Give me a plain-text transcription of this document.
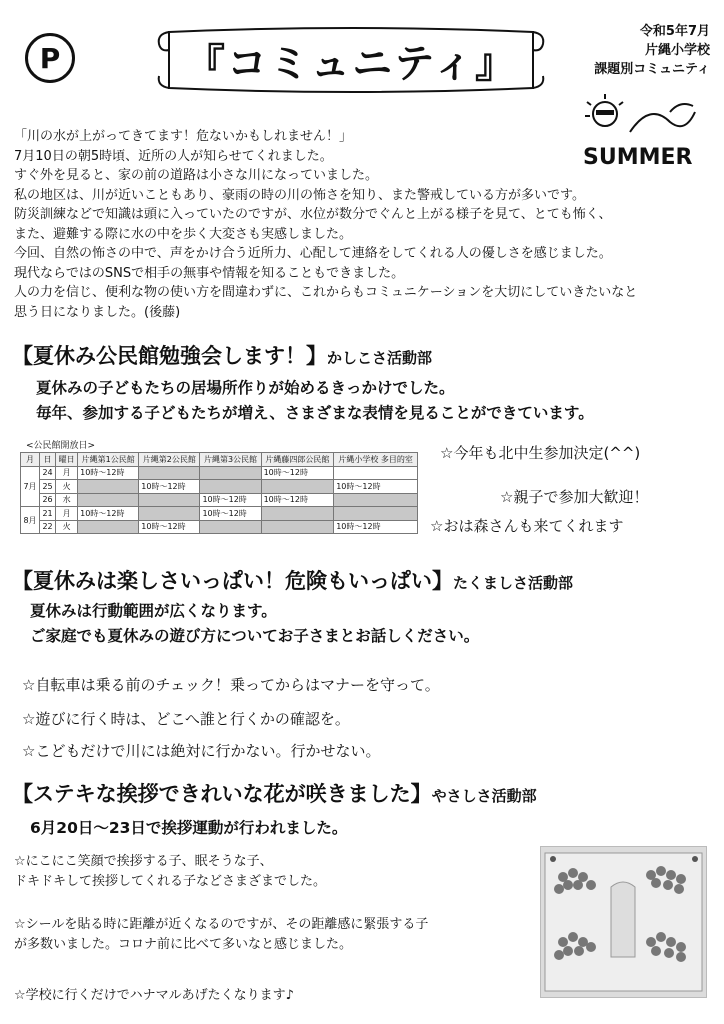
P	『コミュニティ』
令和5年7月
片縄小学校
課題別コミュニティ
SUMMER
「川の水が上がってきてます！危ないかもしれません！」
7月10日の朝5時頃、近所の人が知らせてくれました。
すぐ外を見ると、家の前の道路は小さな川になっていました。
私の地区は、川が近いこともあり、豪雨の時の川の怖さを知り、また警戒している方が多いです。
防災訓練などで知識は頭に入っていたのですが、水位が数分でぐんと上がる様子を見て、とても怖く、
また、避難する際に水の中を歩く大変さも実感しました。
今回、自然の怖さの中で、声をかけ合う近所力、心配して連絡をしてくれる人の優しさを感じました。
現代ならではのSNSで相手の無事や情報を知ることもできました。
人の力を信じ、便利な物の使い方を間違わずに、これからもコミュニケーションを大切にしていきたいなと
思う日になりました。(後藤)
【夏休み公民館勉強会します！】かしこさ活動部
夏休みの子どもたちの居場所作りが始めるきっかけでした。
毎年、参加する子どもたちが増え、さまざまな表情を見ることができています。
<公民館開放日>
月	日	曜日	片縄第1公民館	片縄第2公民館	片縄第3公民館	片縄藤四郎公民館	片縄小学校 多目的室
7月	24	月	10時～12時			10時～12時	
	25	火		10時～12時			10時～12時
	26	水			10時～12時	10時～12時	
8月	21	月	10時～12時		10時～12時		
	22	火		10時～12時			10時～12時
☆今年も北中生参加決定(^^)
☆親子で参加大歓迎！
☆おは森さんも来てくれます
【夏休みは楽しさいっぱい！危険もいっぱい】たくましさ活動部
夏休みは行動範囲が広くなります。
ご家庭でも夏休みの遊び方についてお子さまとお話しください。
☆自転車は乗る前のチェック！乗ってからはマナーを守って。
☆遊びに行く時は、どこへ誰と行くかの確認を。
☆こどもだけで川には絶対に行かない。行かせない。
【ステキな挨拶できれいな花が咲きました】やさしさ活動部
6月20日～23日で挨拶運動が行われました。
☆にこにこ笑顔で挨拶する子、眠そうな子、
ドキドキして挨拶してくれる子などさまざまでした。
☆シールを貼る時に距離が近くなるのですが、その距離感に緊張する子
が多数いました。コロナ前に比べて多いなと感じました。
☆学校に行くだけでハナマルあげたくなります♪
